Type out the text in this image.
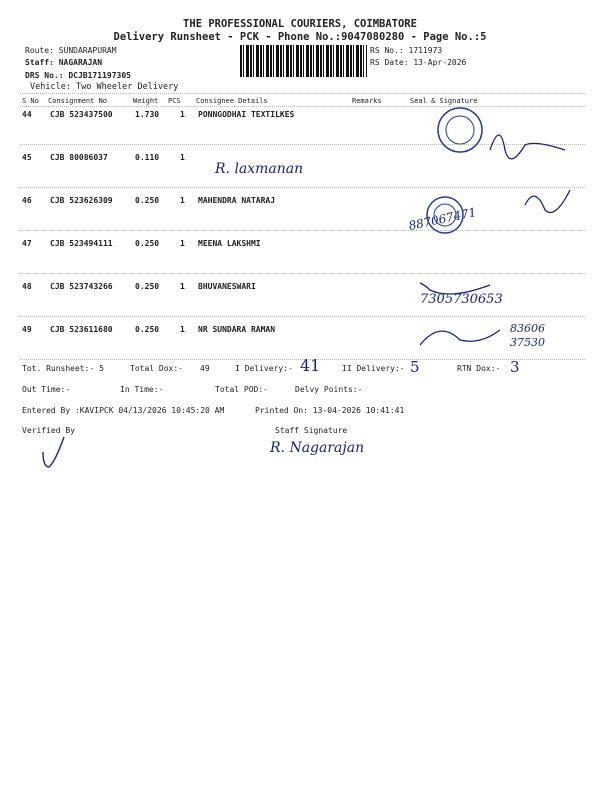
THE PROFESSIONAL COURIERS, COIMBATORE
Delivery Runsheet - PCK - Phone No.:9047080280 - Page No.:5
Route: SUNDARAPURAM
Staff: NAGARAJAN
DRS No.: DCJB171197305
Vehicle: Two Wheeler Delivery
RS No.: 1711973
RS Date: 13-Apr-2026
S No Consignment No	Weight PCS Consignee Details	Remarks	Seal & Signature
44 CJB 523437500	1.730	1 PONNGODHAI TEXTILKES
45 CJB 80086037	0.110	1
R. laxmanan
46 CJB 523626309	0.250	1 MAHENDRA NATARAJ
47 CJB 523494111	0.250	1 MEENA LAKSHMI
48 CJB 523743266	0.250	1 BHUVANESWARI
49 CJB 523611680	0.250	1 NR SUNDARA RAMAN
887067471
7305730653
83606 37530
Tot. Runsheet:- 5	Total Dox:- 49	I Delivery:- 41	II Delivery:- 5	RTN Dox:- 3
Out Time:-	In Time:-	Total POD:-	Delvy Points:-
Entered By :KAVIPCK 04/13/2026 10:45:20 AM	Printed On: 13-04-2026 10:41:41
Verified By	Staff Signature
R. Nagarajan
